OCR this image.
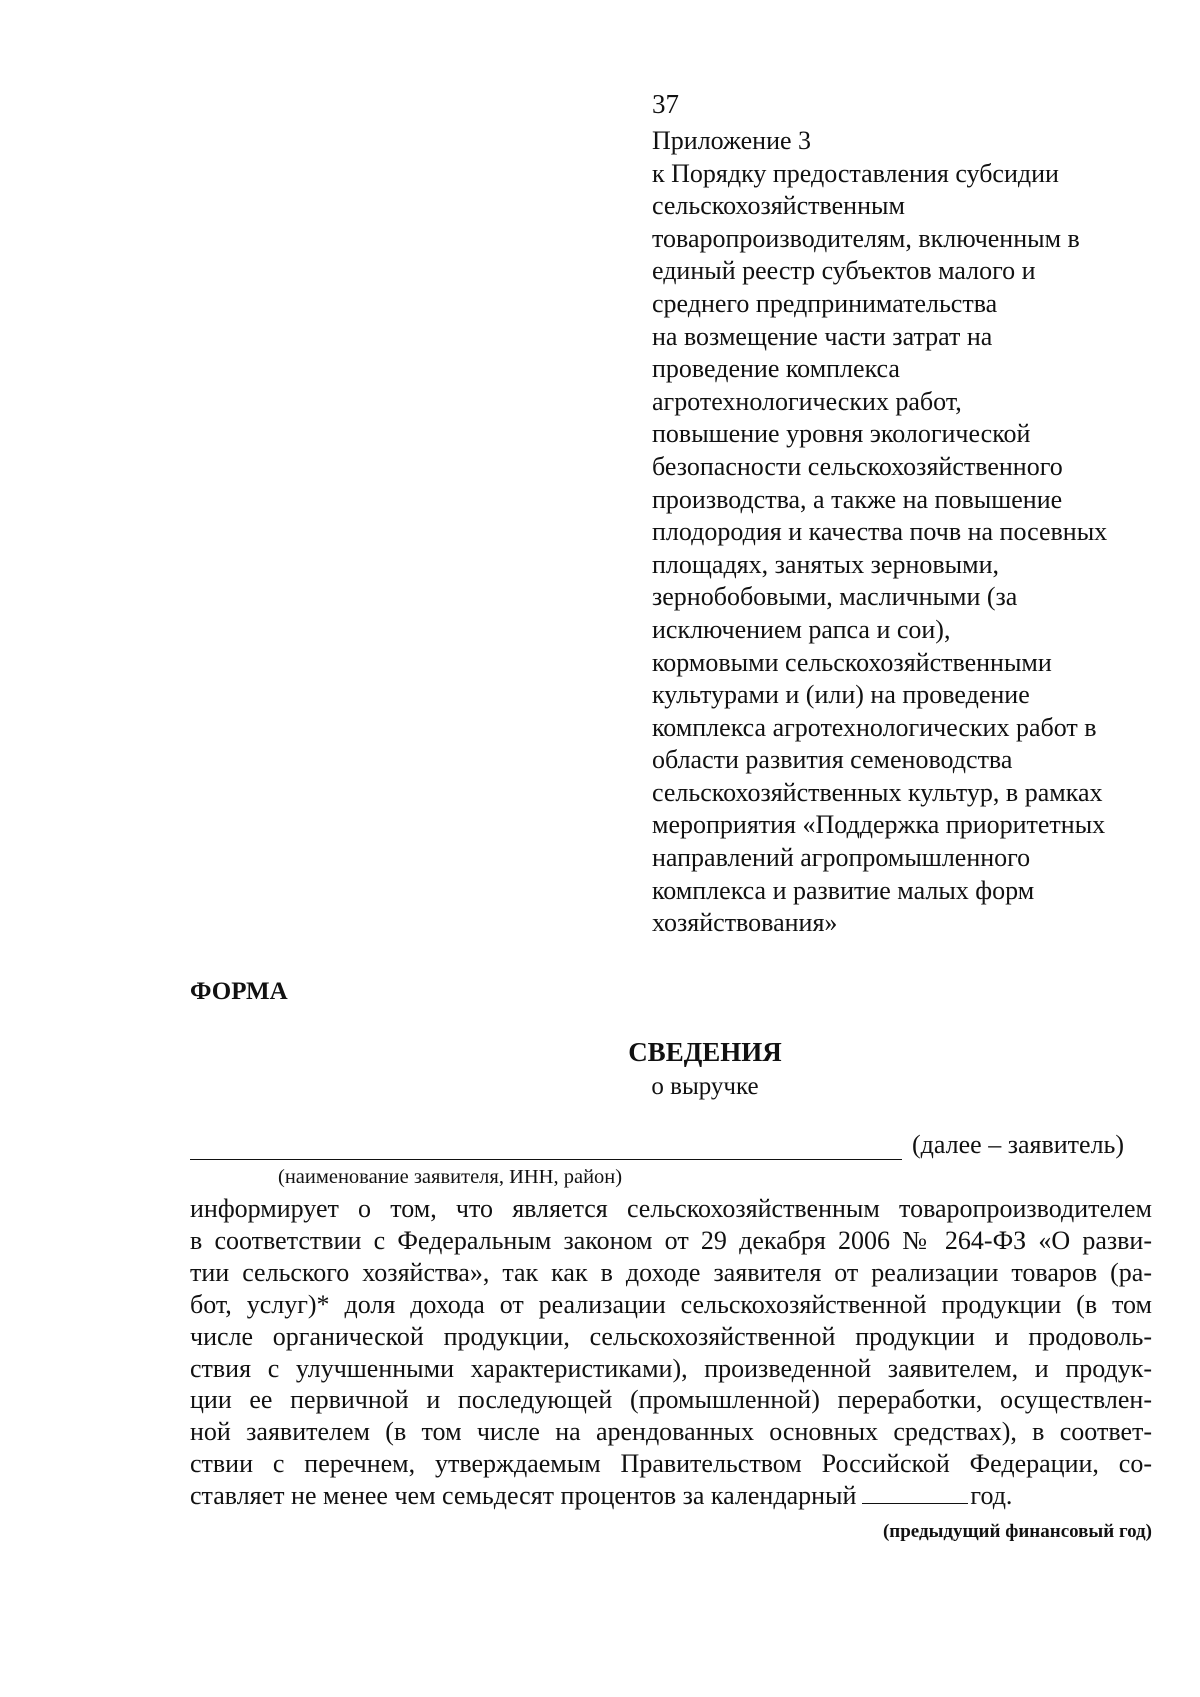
37
Приложение 3
к Порядку предоставления субсидии
сельскохозяйственным
товаропроизводителям, включенным в
единый реестр субъектов малого и
среднего предпринимательства
на возмещение части затрат на
проведение комплекса
агротехнологических работ,
повышение уровня экологической
безопасности сельскохозяйственного
производства, а также на повышение
плодородия и качества почв на посевных
площадях, занятых зерновыми,
зернобобовыми, масличными (за
исключением рапса и сои),
кормовыми сельскохозяйственными
культурами и (или) на проведение
комплекса агротехнологических работ в
области развития семеноводства
сельскохозяйственных культур, в рамках
мероприятия «Поддержка приоритетных
направлений агропромышленного
комплекса и развитие малых форм
хозяйствования»
ФОРМА
СВЕДЕНИЯ
о выручке
(далее – заявитель)
(наименование заявителя, ИНН, район)
информирует о том, что является сельскохозяйственным товаропроизводителем
в соответствии с Федеральным законом от 29 декабря 2006 № 264-ФЗ «О разви-
тии сельского хозяйства», так как в доходе заявителя от реализации товаров (ра-
бот, услуг)* доля дохода от реализации сельскохозяйственной продукции (в том
числе органической продукции, сельскохозяйственной продукции и продоволь-
ствия с улучшенными характеристиками), произведенной заявителем, и продук-
ции ее первичной и последующей (промышленной) переработки, осуществлен-
ной заявителем (в том числе на арендованных основных средствах), в соответ-
ствии с перечнем, утверждаемым Правительством Российской Федерации, со-
ставляет не менее чем семьдесят процентов за календарный	год.
(предыдущий финансовый год)
